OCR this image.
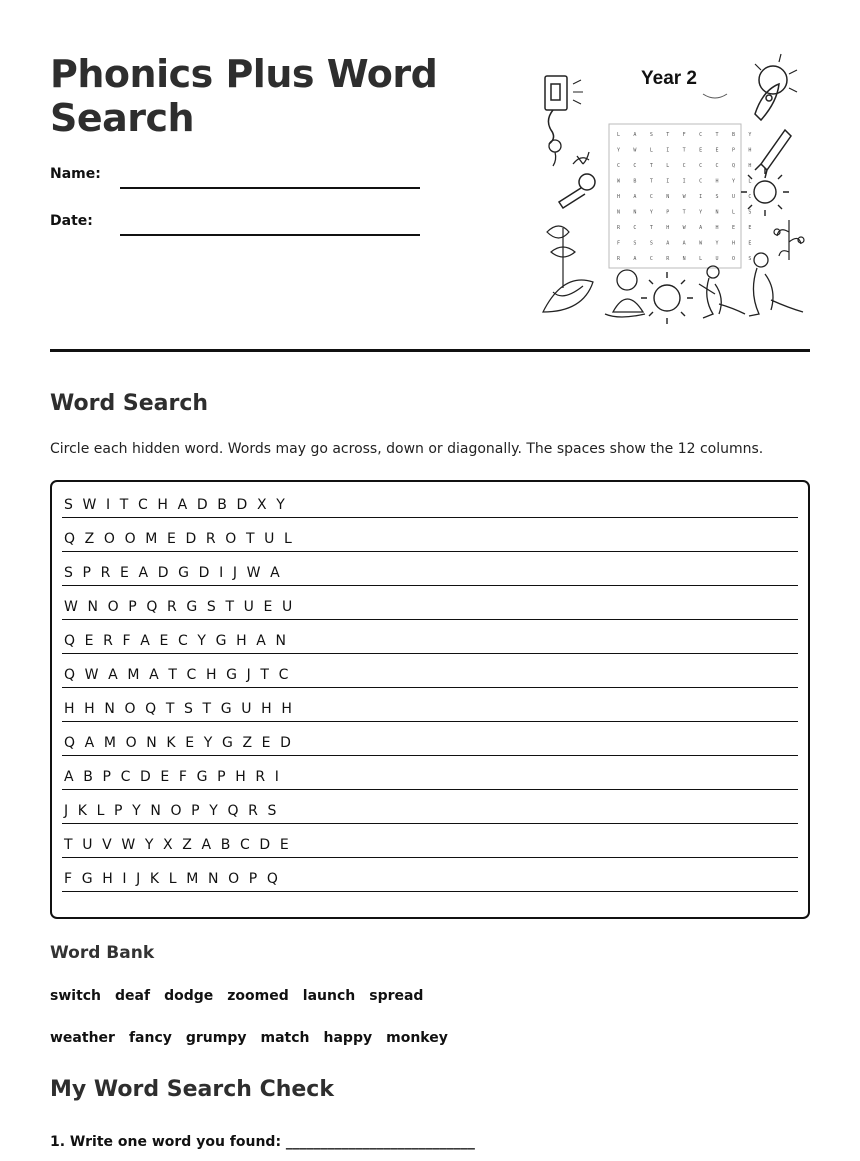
Phonics Plus Word Search
Name:
Date:
Year 2
L A S T F C T B Y
Y W L I T E E P H
C C T L C C C Q H
W B T I I C H Y L
H A C N W I S U C
N N Y P T Y N L S
R C T H W A H E E
F S S A A W Y H E
R A C R N L U O S
Word Search
Circle each hidden word. Words may go across, down or diagonally. The spaces show the 12 columns.
S W I T C H A D B D X Y
Q Z O O M E D R O T U L
S P R E A D G D I J W A
W N O P Q R G S T U E U
Q E R F A E C Y G H A N
Q W A M A T C H G J T C
H H N O Q T S T G U H H
Q A M O N K E Y G Z E D
A B P C D E F G P H R I
J K L P Y N O P Y Q R S
T U V W Y X Z A B C D E
F G H I J K L M N O P Q
Word Bank
switch deaf dodge zoomed launch spread
weather fancy grumpy match happy monkey
My Word Search Check
1. Write one word you found: ___________________________
